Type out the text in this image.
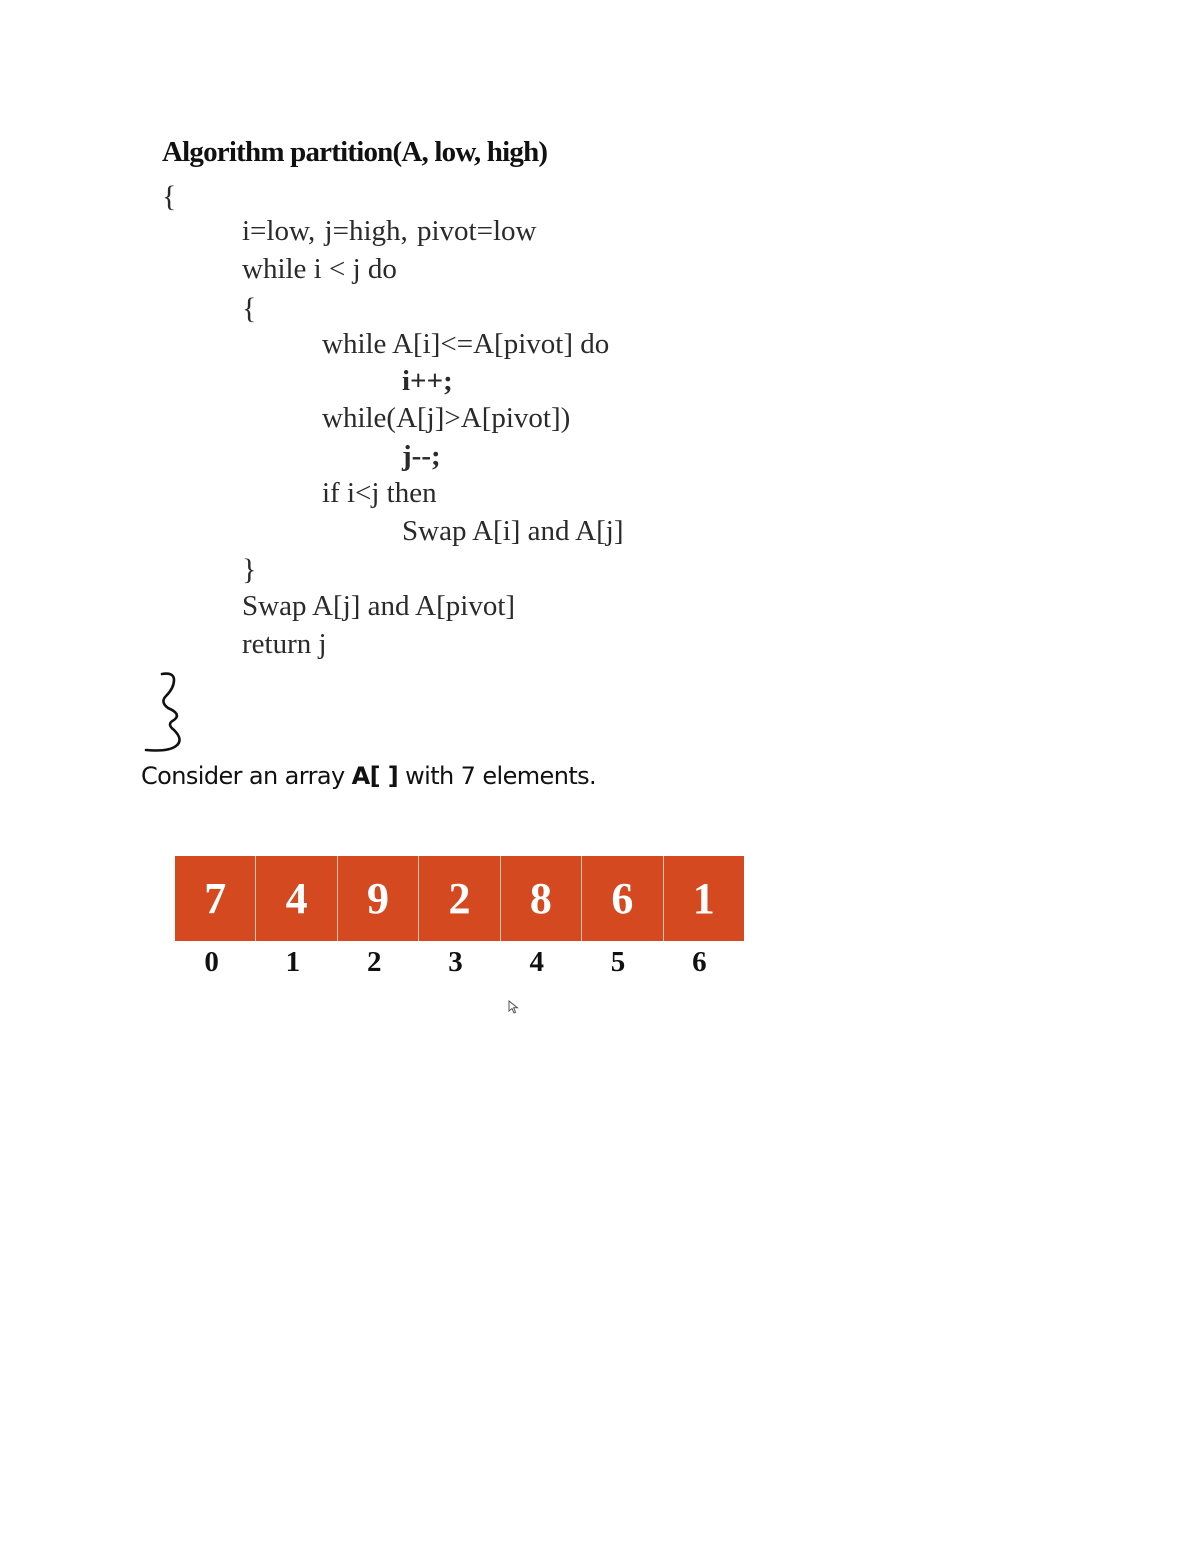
Algorithm partition(A, low, high)
{
i=low, j=high, pivot=low
while i < j do
{
while A[i]<=A[pivot] do
i++;
while(A[j]>A[pivot])
j--;
if i<j then
Swap A[i] and A[j]
}
Swap A[j] and A[pivot]
return j
Consider an array A[ ] with 7 elements.
7	4	9	2	8	6	1
0	1	2	3	4	5	6
